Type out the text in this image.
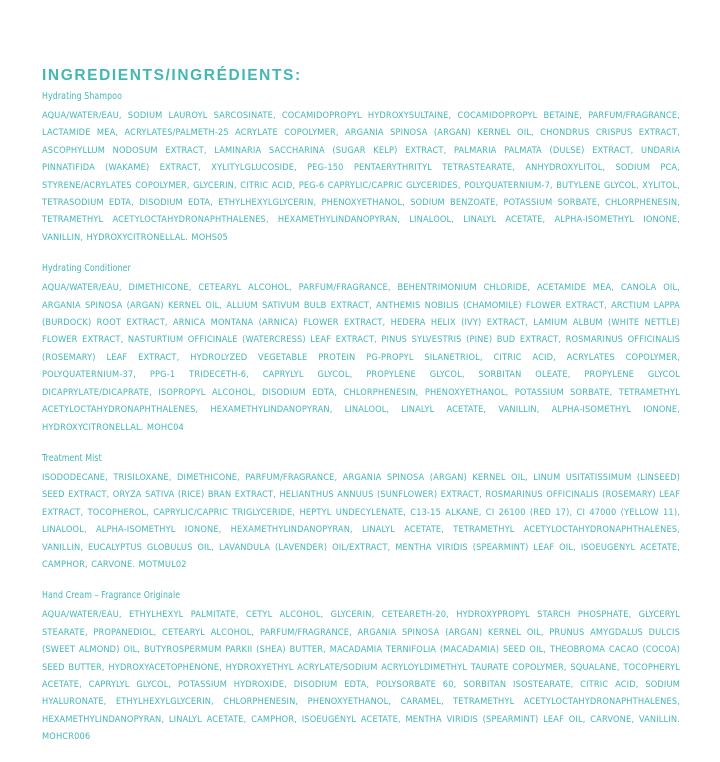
INGREDIENTS/INGRÉDIENTS:
Hydrating Shampoo

AQUA/WATER/EAU, SODIUM LAUROYL SARCOSINATE, COCAMIDOPROPYL HYDROXYSULTAINE, COCAMIDOPROPYL BETAINE, PARFUM/FRAGRANCE, LACTAMIDE MEA, ACRYLATES/PALMETH-25 ACRYLATE COPOLYMER, ARGANIA SPINOSA (ARGAN) KERNEL OIL, CHONDRUS CRISPUS EXTRACT, ASCOPHYLLUM NODOSUM EXTRACT, LAMINARIA SACCHARINA (SUGAR KELP) EXTRACT, PALMARIA PALMATA (DULSE) EXTRACT, UNDARIA PINNATIFIDA (WAKAME) EXTRACT, XYLITYLGLUCOSIDE, PEG-150 PENTAERYTHRITYL TETRASTEARATE, ANHYDROXYLITOL, SODIUM PCA, STYRENE/ACRYLATES COPOLYMER, GLYCERIN, CITRIC ACID, PEG-6 CAPRYLIC/CAPRIC GLYCERIDES, POLYQUATERNIUM-7, BUTYLENE GLYCOL, XYLITOL, TETRASODIUM EDTA, DISODIUM EDTA, ETHYLHEXYLGLYCERIN, PHENOXYETHANOL, SODIUM BENZOATE, POTASSIUM SORBATE, CHLORPHENESIN, TETRAMETHYL ACETYLOCTAHYDRONAPHTHALENES, HEXAMETHYLINDANOPYRAN, LINALOOL, LINALYL ACETATE, ALPHA-ISOMETHYL IONONE, VANILLIN, HYDROXYCITRONELLAL. MOHS05

Hydrating Conditioner

AQUA/WATER/EAU, DIMETHICONE, CETEARYL ALCOHOL, PARFUM/FRAGRANCE, BEHENTRIMONIUM CHLORIDE, ACETAMIDE MEA, CANOLA OIL, ARGANIA SPINOSA (ARGAN) KERNEL OIL, ALLIUM SATIVUM BULB EXTRACT, ANTHEMIS NOBILIS (CHAMOMILE) FLOWER EXTRACT, ARCTIUM LAPPA (BURDOCK) ROOT EXTRACT, ARNICA MONTANA (ARNICA) FLOWER EXTRACT, HEDERA HELIX (IVY) EXTRACT, LAMIUM ALBUM (WHITE NETTLE) FLOWER EXTRACT, NASTURTIUM OFFICINALE (WATERCRESS) LEAF EXTRACT, PINUS SYLVESTRIS (PINE) BUD EXTRACT, ROSMARINUS OFFICINALIS (ROSEMARY) LEAF EXTRACT, HYDROLYZED VEGETABLE PROTEIN PG-PROPYL SILANETRIOL, CITRIC ACID, ACRYLATES COPOLYMER, POLYQUATERNIUM-37, PPG-1 TRIDECETH-6, CAPRYLYL GLYCOL, PROPYLENE GLYCOL, SORBITAN OLEATE, PROPYLENE GLYCOL DICAPRYLATE/DICAPRATE, ISOPROPYL ALCOHOL, DISODIUM EDTA, CHLORPHENESIN, PHENOXYETHANOL, POTASSIUM SORBATE, TETRAMETHYL ACETYLOCTAHYDRONAPHTHALENES, HEXAMETHYLINDANOPYRAN, LINALOOL, LINALYL ACETATE, VANILLIN, ALPHA-ISOMETHYL IONONE, HYDROXYCITRONELLAL. MOHC04

Treatment Mist

ISODODECANE, TRISILOXANE, DIMETHICONE, PARFUM/FRAGRANCE, ARGANIA SPINOSA (ARGAN) KERNEL OIL, LINUM USITATISSIMUM (LINSEED) SEED EXTRACT, ORYZA SATIVA (RICE) BRAN EXTRACT, HELIANTHUS ANNUUS (SUNFLOWER) EXTRACT, ROSMARINUS OFFICINALIS (ROSEMARY) LEAF EXTRACT, TOCOPHEROL, CAPRYLIC/CAPRIC TRIGLYCERIDE, HEPTYL UNDECYLENATE, C13-15 ALKANE, CI 26100 (RED 17), CI 47000 (YELLOW 11), LINALOOL, ALPHA-ISOMETHYL IONONE, HEXAMETHYLINDANOPYRAN, LINALYL ACETATE, TETRAMETHYL ACETYLOCTAHYDRONAPHTHALENES, VANILLIN, EUCALYPTUS GLOBULUS OIL, LAVANDULA (LAVENDER) OIL/EXTRACT, MENTHA VIRIDIS (SPEARMINT) LEAF OIL, ISOEUGENYL ACETATE, CAMPHOR, CARVONE. MOTMUL02

Hand Cream – Fragrance Originale

AQUA/WATER/EAU, ETHYLHEXYL PALMITATE, CETYL ALCOHOL, GLYCERIN, CETEARETH-20, HYDROXYPROPYL STARCH PHOSPHATE, GLYCERYL STEARATE, PROPANEDIOL, CETEARYL ALCOHOL, PARFUM/FRAGRANCE, ARGANIA SPINOSA (ARGAN) KERNEL OIL, PRUNUS AMYGDALUS DULCIS (SWEET ALMOND) OIL, BUTYROSPERMUM PARKII (SHEA) BUTTER, MACADAMIA TERNIFOLIA (MACADAMIA) SEED OIL, THEOBROMA CACAO (COCOA) SEED BUTTER, HYDROXYACETOPHENONE, HYDROXYETHYL ACRYLATE/SODIUM ACRYLOYLDIMETHYL TAURATE COPOLYMER, SQUALANE, TOCOPHERYL ACETATE, CAPRYLYL GLYCOL, POTASSIUM HYDROXIDE, DISODIUM EDTA, POLYSORBATE 60, SORBITAN ISOSTEARATE, CITRIC ACID, SODIUM HYALURONATE, ETHYLHEXYLGLYCERIN, CHLORPHENESIN, PHENOXYETHANOL, CARAMEL, TETRAMETHYL ACETYLOCTAHYDRONAPHTHALENES, HEXAMETHYLINDANOPYRAN, LINALYL ACETATE, CAMPHOR, ISOEUGENYL ACETATE, MENTHA VIRIDIS (SPEARMINT) LEAF OIL, CARVONE, VANILLIN. MOHCR006
